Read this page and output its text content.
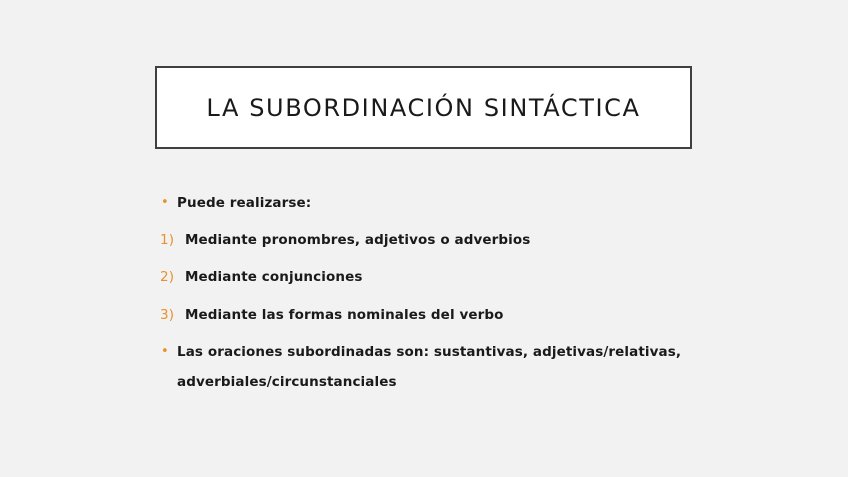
LA SUBORDINACIÓN SINTÁCTICA
• Puede realizarse:
1) Mediante pronombres, adjetivos o adverbios
2) Mediante conjunciones
3) Mediante las formas nominales del verbo
• Las oraciones subordinadas son: sustantivas, adjetivas/relativas,
adverbiales/circunstanciales
